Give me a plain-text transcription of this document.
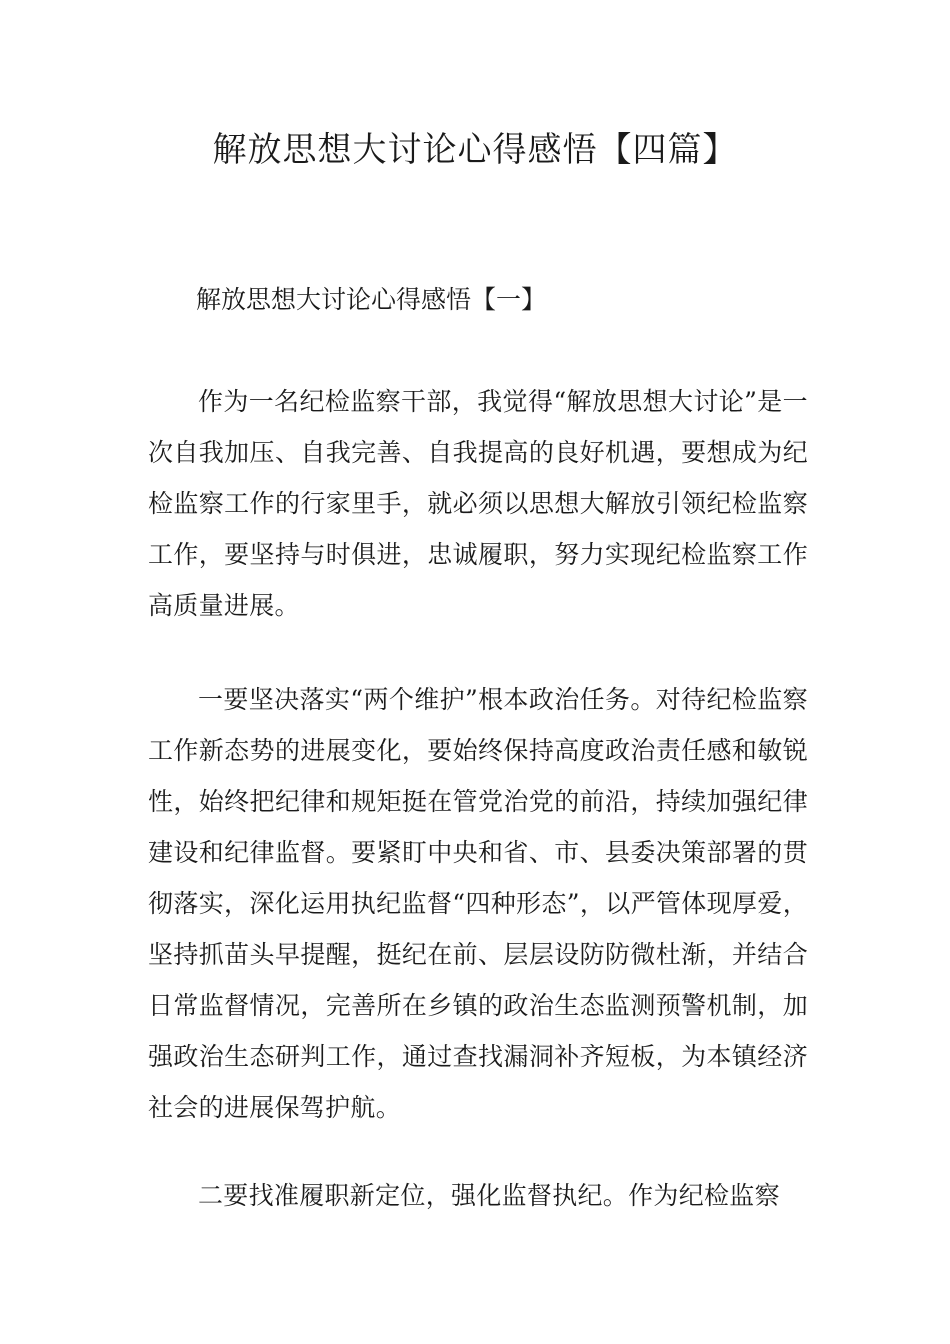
解放思想大讨论心得感悟【四篇】
解放思想大讨论心得感悟【一】

作为一名纪检监察干部，我觉得“解放思想大讨论”是一次自我加压、自我完善、自我提高的良好机遇，要想成为纪检监察工作的行家里手，就必须以思想大解放引领纪检监察工作，要坚持与时俱进，忠诚履职，努力实现纪检监察工作高质量进展。

一要坚决落实“两个维护”根本政治任务。对待纪检监察工作新态势的进展变化，要始终保持高度政治责任感和敏锐性，始终把纪律和规矩挺在管党治党的前沿，持续加强纪律建设和纪律监督。要紧盯中央和省、市、县委决策部署的贯彻落实，深化运用执纪监督“四种形态”，以严管体现厚爱，坚持抓苗头早提醒，挺纪在前、层层设防防微杜渐，并结合日常监督情况，完善所在乡镇的政治生态监测预警机制，加强政治生态研判工作，通过查找漏洞补齐短板，为本镇经济社会的进展保驾护航。

二要找准履职新定位，强化监督执纪。作为纪检监察
